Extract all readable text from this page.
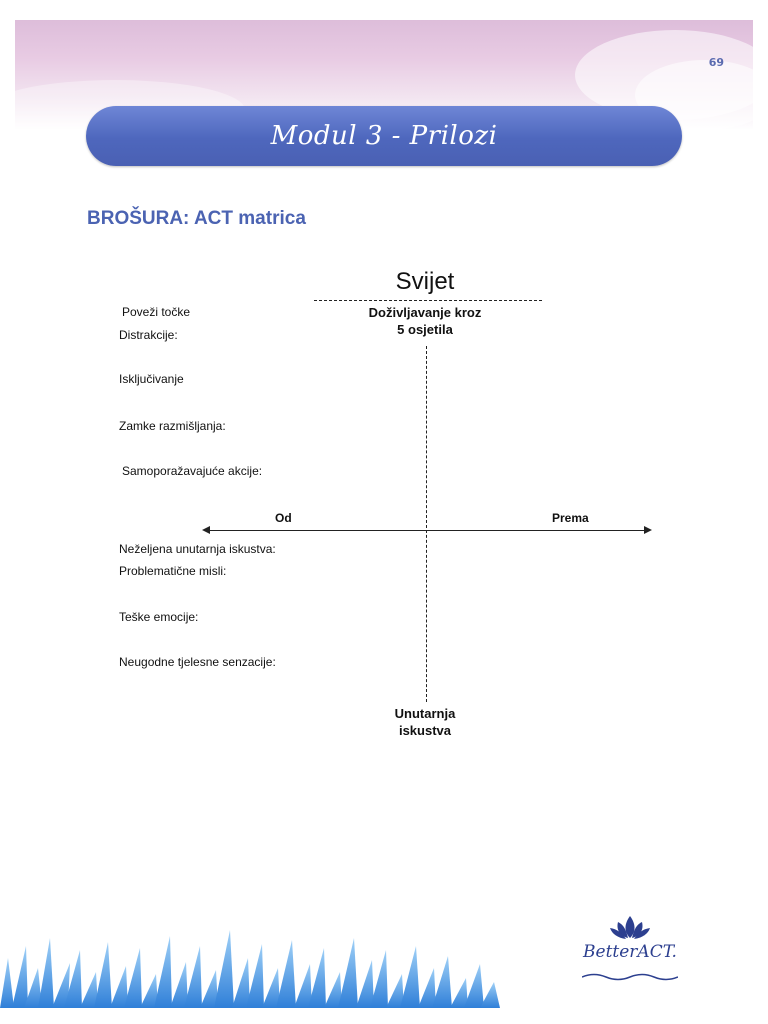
69
Modul 3 - Prilozi
BROŠURA: ACT matrica
Svijet
Doživljavanje kroz
5 osjetila
Od	Prema
Unutarnja
iskustva
Poveži točke
Distrakcije:
Isključivanje
Zamke razmišljanja:
Samoporažavajuće akcije:
Neželjena unutarnja iskustva:
Problematične misli:
Teške emocije:
Neugodne tjelesne senzacije:
BetterACT.
